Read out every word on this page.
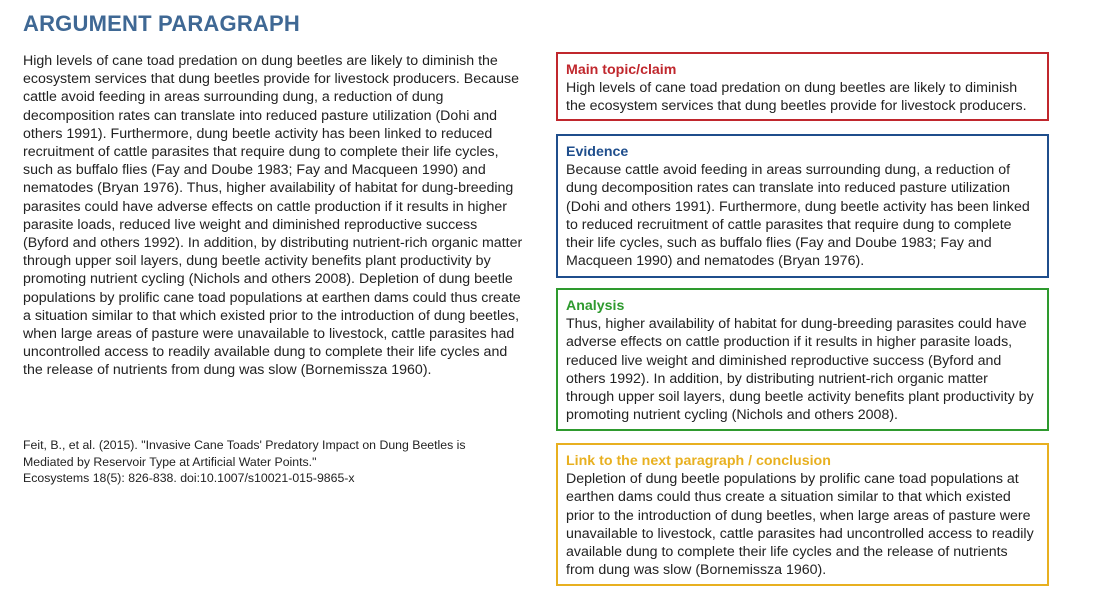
ARGUMENT PARAGRAPH

High levels of cane toad predation on dung beetles are likely to diminish the ecosystem services that dung beetles provide for livestock producers. Because cattle avoid feeding in areas surrounding dung, a reduction of dung decomposition rates can translate into reduced pasture utilization (Dohi and others 1991). Furthermore, dung beetle activity has been linked to reduced recruitment of cattle parasites that require dung to complete their life cycles, such as buffalo flies (Fay and Doube 1983; Fay and Macqueen 1990) and nematodes (Bryan 1976). Thus, higher availability of habitat for dung-breeding parasites could have adverse effects on cattle production if it results in higher parasite loads, reduced live weight and diminished reproductive success (Byford and others 1992). In addition, by distributing nutrient-rich organic matter through upper soil layers, dung beetle activity benefits plant productivity by promoting nutrient cycling (Nichols and others 2008). Depletion of dung beetle populations by prolific cane toad populations at earthen dams could thus create a situation similar to that which existed prior to the introduction of dung beetles, when large areas of pasture were unavailable to livestock, cattle parasites had uncontrolled access to readily available dung to complete their life cycles and the release of nutrients from dung was slow (Bornemissza 1960).

Feit, B., et al. (2015). "Invasive Cane Toads' Predatory Impact on Dung Beetles is
Mediated by Reservoir Type at Artificial Water Points."
Ecosystems 18(5): 826-838. doi:10.1007/s10021-015-9865-x
Main topic/claim
High levels of cane toad predation on dung beetles are likely to diminish the ecosystem services that dung beetles provide for livestock producers.
Evidence
Because cattle avoid feeding in areas surrounding dung, a reduction of dung decomposition rates can translate into reduced pasture utilization (Dohi and others 1991). Furthermore, dung beetle activity has been linked to reduced recruitment of cattle parasites that require dung to complete their life cycles, such as buffalo flies (Fay and Doube 1983; Fay and Macqueen 1990) and nematodes (Bryan 1976).
Analysis
Thus, higher availability of habitat for dung-breeding parasites could have adverse effects on cattle production if it results in higher parasite loads, reduced live weight and diminished reproductive success (Byford and others 1992). In addition, by distributing nutrient-rich organic matter through upper soil layers, dung beetle activity benefits plant productivity by promoting nutrient cycling (Nichols and others 2008).
Link to the next paragraph / conclusion
Depletion of dung beetle populations by prolific cane toad populations at earthen dams could thus create a situation similar to that which existed prior to the introduction of dung beetles, when large areas of pasture were unavailable to livestock, cattle parasites had uncontrolled access to readily available dung to complete their life cycles and the release of nutrients from dung was slow (Bornemissza 1960).
